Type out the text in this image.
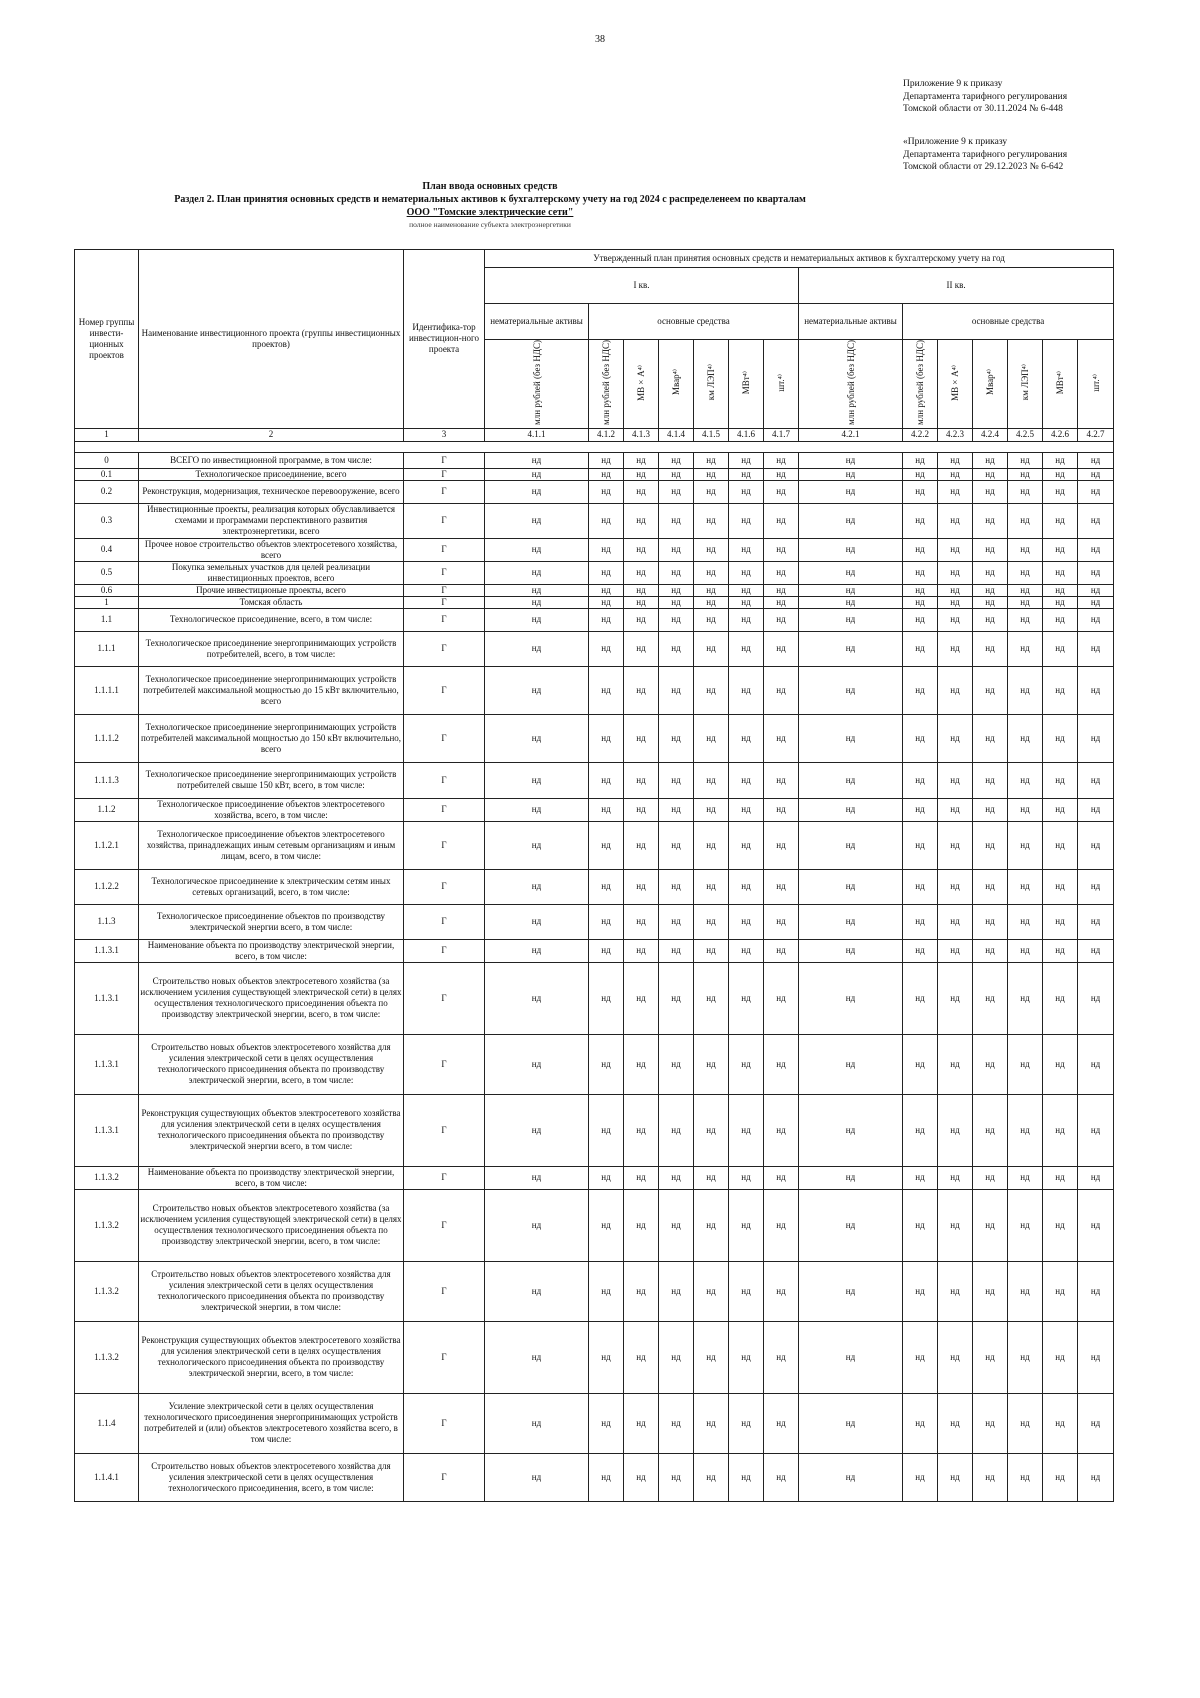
38
Приложение 9 к приказу
Департамента тарифного регулирования
Томской области от 30.11.2024 № 6-448
«Приложение 9 к приказу
Департамента тарифного регулирования
Томской области от 29.12.2023 № 6-642
План ввода основных средств
Раздел 2. План принятия основных средств и нематериальных активов к бухгалтерскому учету на год 2024 с распределенеем по кварталам
ООО "Томские электрические сети"
полное наименование субъекта электроэнергетики
Номер группы инвести-ционных проектов	Наименование инвестиционного проекта (группы инвестиционных проектов)	Идентифика-тор инвестицион-ного проекта	Утвержденный план принятия основных средств и нематериальных активов к бухгалтерскому учету на год													
			I кв.							II кв.						
			нематериальные активы	основные средства						нематериальные активы	основные средства					
			млн рублей (без НДС)	млн рублей (без НДС)	МВ×А⁴⁾	Мвар⁴⁾	км ЛЭП⁴⁾	МВт⁴⁾	шт.⁴⁾	млн рублей (без НДС)	млн рублей (без НДС)	МВ×А⁴⁾	Мвар⁴⁾	км ЛЭП⁴⁾	МВт⁴⁾	шт.⁴⁾
1	2	3	4.1.1	4.1.2	4.1.3	4.1.4	4.1.5	4.1.6	4.1.7	4.2.1	4.2.2	4.2.3	4.2.4	4.2.5	4.2.6	4.2.7

0	ВСЕГО по инвестиционной программе, в том числе:	Г	нд	нд	нд	нд	нд	нд	нд	нд	нд	нд	нд	нд	нд	нд
0.1	Технологическое присоединение, всего	Г	нд	нд	нд	нд	нд	нд	нд	нд	нд	нд	нд	нд	нд	нд
0.2	Реконструкция, модернизация, техническое перевооружение, всего	Г	нд	нд	нд	нд	нд	нд	нд	нд	нд	нд	нд	нд	нд	нд
0.3	Инвестиционные проекты, реализация которых обуславливается схемами и программами перспективного развития электроэнергетики, всего	Г	нд	нд	нд	нд	нд	нд	нд	нд	нд	нд	нд	нд	нд	нд
0.4	Прочее новое строительство объектов электросетевого хозяйства, всего	Г	нд	нд	нд	нд	нд	нд	нд	нд	нд	нд	нд	нд	нд	нд
0.5	Покупка земельных участков для целей реализации инвестиционных проектов, всего	Г	нд	нд	нд	нд	нд	нд	нд	нд	нд	нд	нд	нд	нд	нд
0.6	Прочие инвестиционые проекты, всего	Г	нд	нд	нд	нд	нд	нд	нд	нд	нд	нд	нд	нд	нд	нд
1	Томская область	Г	нд	нд	нд	нд	нд	нд	нд	нд	нд	нд	нд	нд	нд	нд
1.1	Технологическое присоединение, всего, в том числе:	Г	нд	нд	нд	нд	нд	нд	нд	нд	нд	нд	нд	нд	нд	нд
1.1.1	Технологическое присоединение энергопринимающих устройств потребителей, всего, в том числе:	Г	нд	нд	нд	нд	нд	нд	нд	нд	нд	нд	нд	нд	нд	нд
1.1.1.1	Технологическое присоединение энергопринимающих устройств потребителей максимальной мощностью до 15 кВт включительно, всего	Г	нд	нд	нд	нд	нд	нд	нд	нд	нд	нд	нд	нд	нд	нд
1.1.1.2	Технологическое присоединение энергопринимающих устройств потребителей максимальной мощностью до 150 кВт включительно, всего	Г	нд	нд	нд	нд	нд	нд	нд	нд	нд	нд	нд	нд	нд	нд
1.1.1.3	Технологическое присоединение энергопринимающих устройств потребителей свыше 150 кВт, всего, в том числе:	Г	нд	нд	нд	нд	нд	нд	нд	нд	нд	нд	нд	нд	нд	нд
1.1.2	Технологическое присоединение объектов электросетевого хозяйства, всего, в том числе:	Г	нд	нд	нд	нд	нд	нд	нд	нд	нд	нд	нд	нд	нд	нд
1.1.2.1	Технологическое присоединение объектов электросетевого хозяйства, принадлежащих иным сетевым организациям и иным лицам, всего, в том числе:	Г	нд	нд	нд	нд	нд	нд	нд	нд	нд	нд	нд	нд	нд	нд
1.1.2.2	Технологическое присоединение к электрическим сетям иных сетевых организаций, всего, в том числе:	Г	нд	нд	нд	нд	нд	нд	нд	нд	нд	нд	нд	нд	нд	нд
1.1.3	Технологическое присоединение объектов по производству электрической энергии всего, в том числе:	Г	нд	нд	нд	нд	нд	нд	нд	нд	нд	нд	нд	нд	нд	нд
1.1.3.1	Наименование объекта по производству электрической энергии, всего, в том числе:	Г	нд	нд	нд	нд	нд	нд	нд	нд	нд	нд	нд	нд	нд	нд
1.1.3.1	Строительство новых объектов электросетевого хозяйства (за исключением усиления существующей электрической сети) в целях осуществления технологического присоединения объекта по производству электрической энергии, всего, в том числе:	Г	нд	нд	нд	нд	нд	нд	нд	нд	нд	нд	нд	нд	нд	нд
1.1.3.1	Строительство новых объектов электросетевого хозяйства для усиления электрической сети в целях осуществления технологического присоединения объекта по производству электрической энергии, всего, в том числе:	Г	нд	нд	нд	нд	нд	нд	нд	нд	нд	нд	нд	нд	нд	нд
1.1.3.1	Реконструкция существующих объектов электросетевого хозяйства для усиления электрической сети в целях осуществления технологического присоединения объекта по производству электрической энергии всего, в том числе:	Г	нд	нд	нд	нд	нд	нд	нд	нд	нд	нд	нд	нд	нд	нд
1.1.3.2	Наименование объекта по производству электрической энергии, всего, в том числе:	Г	нд	нд	нд	нд	нд	нд	нд	нд	нд	нд	нд	нд	нд	нд
1.1.3.2	Строительство новых объектов электросетевого хозяйства (за исключением усиления существующей электрической сети) в целях осуществления технологического присоединения объекта по производству электрической энергии, всего, в том числе:	Г	нд	нд	нд	нд	нд	нд	нд	нд	нд	нд	нд	нд	нд	нд
1.1.3.2	Строительство новых объектов электросетевого хозяйства для усиления электрической сети в целях осуществления технологического присоединения объекта по производству электрической энергии, в том числе:	Г	нд	нд	нд	нд	нд	нд	нд	нд	нд	нд	нд	нд	нд	нд
1.1.3.2	Реконструкция существующих объектов электросетевого хозяйства для усиления электрической сети в целях осуществления технологического присоединения объекта по производству электрической энергии, всего, в том числе:	Г	нд	нд	нд	нд	нд	нд	нд	нд	нд	нд	нд	нд	нд	нд
1.1.4	Усиление электрической сети в целях осуществления технологического присоединения энергопринимающих устройств потребителей и (или) объектов электросетевого хозяйства всего, в том числе:	Г	нд	нд	нд	нд	нд	нд	нд	нд	нд	нд	нд	нд	нд	нд
1.1.4.1	Строительство новых объектов электросетевого хозяйства для усиления электрической сети в целях осуществления технологического присоединения, всего, в том числе:	Г	нд	нд	нд	нд	нд	нд	нд	нд	нд	нд	нд	нд	нд	нд
